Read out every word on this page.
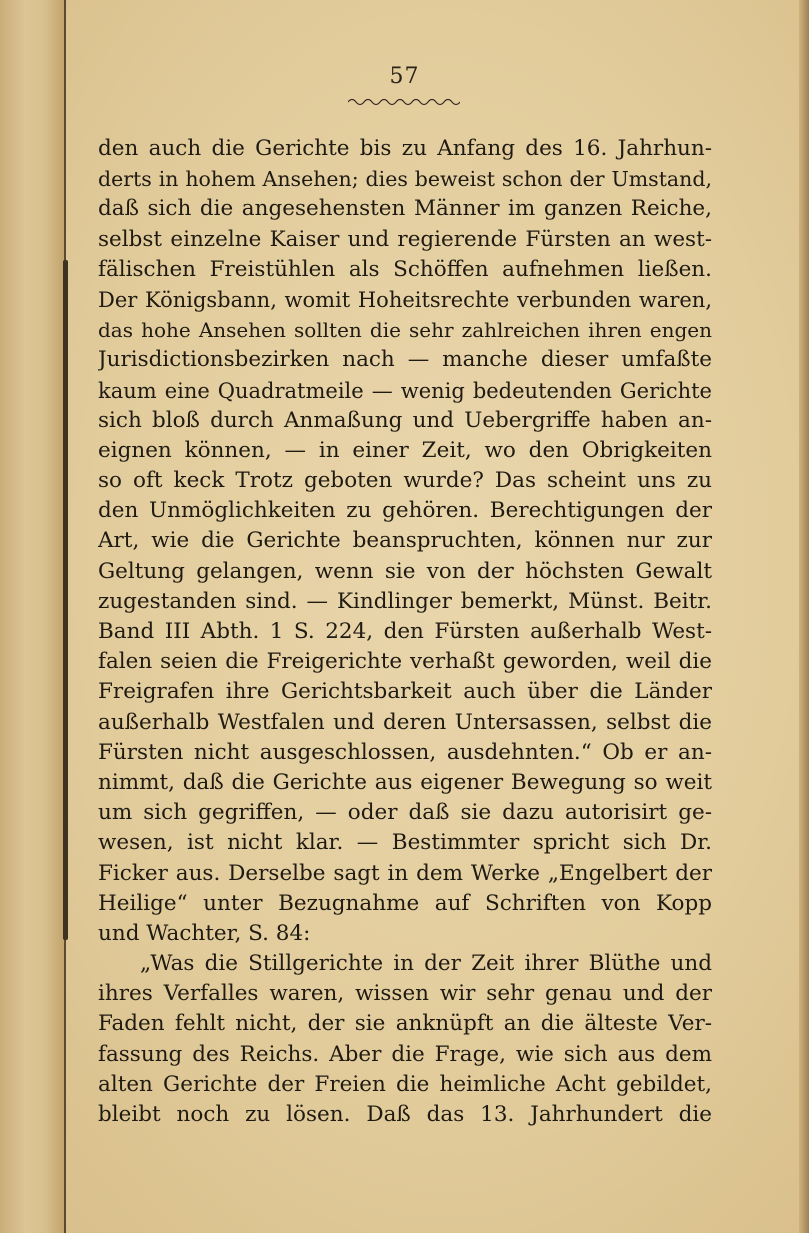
57
den auch die Gerichte bis zu Anfang des 16. Jahrhun-
derts in hohem Ansehen; dies beweist schon der Umstand,
daß sich die angesehensten Männer im ganzen Reiche,
selbst einzelne Kaiser und regierende Fürsten an west-
fälischen Freistühlen als Schöffen aufnehmen ließen.
Der Königsbann, womit Hoheitsrechte verbunden waren,
das hohe Ansehen sollten die sehr zahlreichen ihren engen
Jurisdictionsbezirken nach — manche dieser umfaßte
kaum eine Quadratmeile — wenig bedeutenden Gerichte
sich bloß durch Anmaßung und Uebergriffe haben an-
eignen können, — in einer Zeit, wo den Obrigkeiten
so oft keck Trotz geboten wurde? Das scheint uns zu
den Unmöglichkeiten zu gehören. Berechtigungen der
Art, wie die Gerichte beanspruchten, können nur zur
Geltung gelangen, wenn sie von der höchsten Gewalt
zugestanden sind. — Kindlinger bemerkt, Münst. Beitr.
Band III Abth. 1 S. 224, den Fürsten außerhalb West-
falen seien die Freigerichte verhaßt geworden, weil die
Freigrafen ihre Gerichtsbarkeit auch über die Länder
außerhalb Westfalen und deren Untersassen, selbst die
Fürsten nicht ausgeschlossen, ausdehnten.“ Ob er an-
nimmt, daß die Gerichte aus eigener Bewegung so weit
um sich gegriffen, — oder daß sie dazu autorisirt ge-
wesen, ist nicht klar. — Bestimmter spricht sich Dr.
Ficker aus. Derselbe sagt in dem Werke „Engelbert der
Heilige“ unter Bezugnahme auf Schriften von Kopp
und Wachter, S. 84:
„Was die Stillgerichte in der Zeit ihrer Blüthe und
ihres Verfalles waren, wissen wir sehr genau und der
Faden fehlt nicht, der sie anknüpft an die älteste Ver-
fassung des Reichs. Aber die Frage, wie sich aus dem
alten Gerichte der Freien die heimliche Acht gebildet,
bleibt noch zu lösen. Daß das 13. Jahrhundert die
